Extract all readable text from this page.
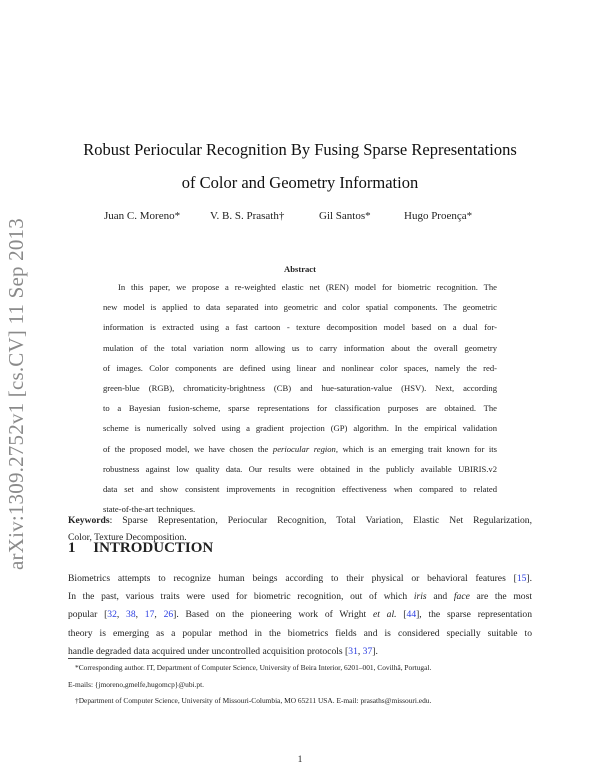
arXiv:1309.2752v1 [cs.CV] 11 Sep 2013
Robust Periocular Recognition By Fusing Sparse Representations
of Color and Geometry Information
Juan C. Moreno*	V. B. S. Prasath†	Gil Santos*	Hugo Proença*
Abstract
In this paper, we propose a re-weighted elastic net (REN) model for biometric recognition. The
new model is applied to data separated into geometric and color spatial components. The geometric
information is extracted using a fast cartoon - texture decomposition model based on a dual for-
mulation of the total variation norm allowing us to carry information about the overall geometry
of images. Color components are defined using linear and nonlinear color spaces, namely the red-
green-blue (RGB), chromaticity-brightness (CB) and hue-saturation-value (HSV). Next, according
to a Bayesian fusion-scheme, sparse representations for classification purposes are obtained. The
scheme is numerically solved using a gradient projection (GP) algorithm. In the empirical validation
of the proposed model, we have chosen the periocular region, which is an emerging trait known for its
robustness against low quality data. Our results were obtained in the publicly available UBIRIS.v2
data set and show consistent improvements in recognition effectiveness when compared to related
state-of-the-art techniques.
Keywords: Sparse Representation, Periocular Recognition, Total Variation, Elastic Net Regularization,
Color, Texture Decomposition.
1 INTRODUCTION
Biometrics attempts to recognize human beings according to their physical or behavioral features [15].
In the past, various traits were used for biometric recognition, out of which iris and face are the most
popular [32, 38, 17, 26]. Based on the pioneering work of Wright et al. [44], the sparse representation
theory is emerging as a popular method in the biometrics fields and is considered specially suitable to
handle degraded data acquired under uncontrolled acquisition protocols [31, 37].
*Corresponding author. IT, Department of Computer Science, University of Beira Interior, 6201–001, Covilhã, Portugal.
E-mails: {jmoreno,gmelfe,hugomcp}@ubi.pt.
†Department of Computer Science, University of Missouri-Columbia, MO 65211 USA. E-mail: prasaths@missouri.edu.
1
